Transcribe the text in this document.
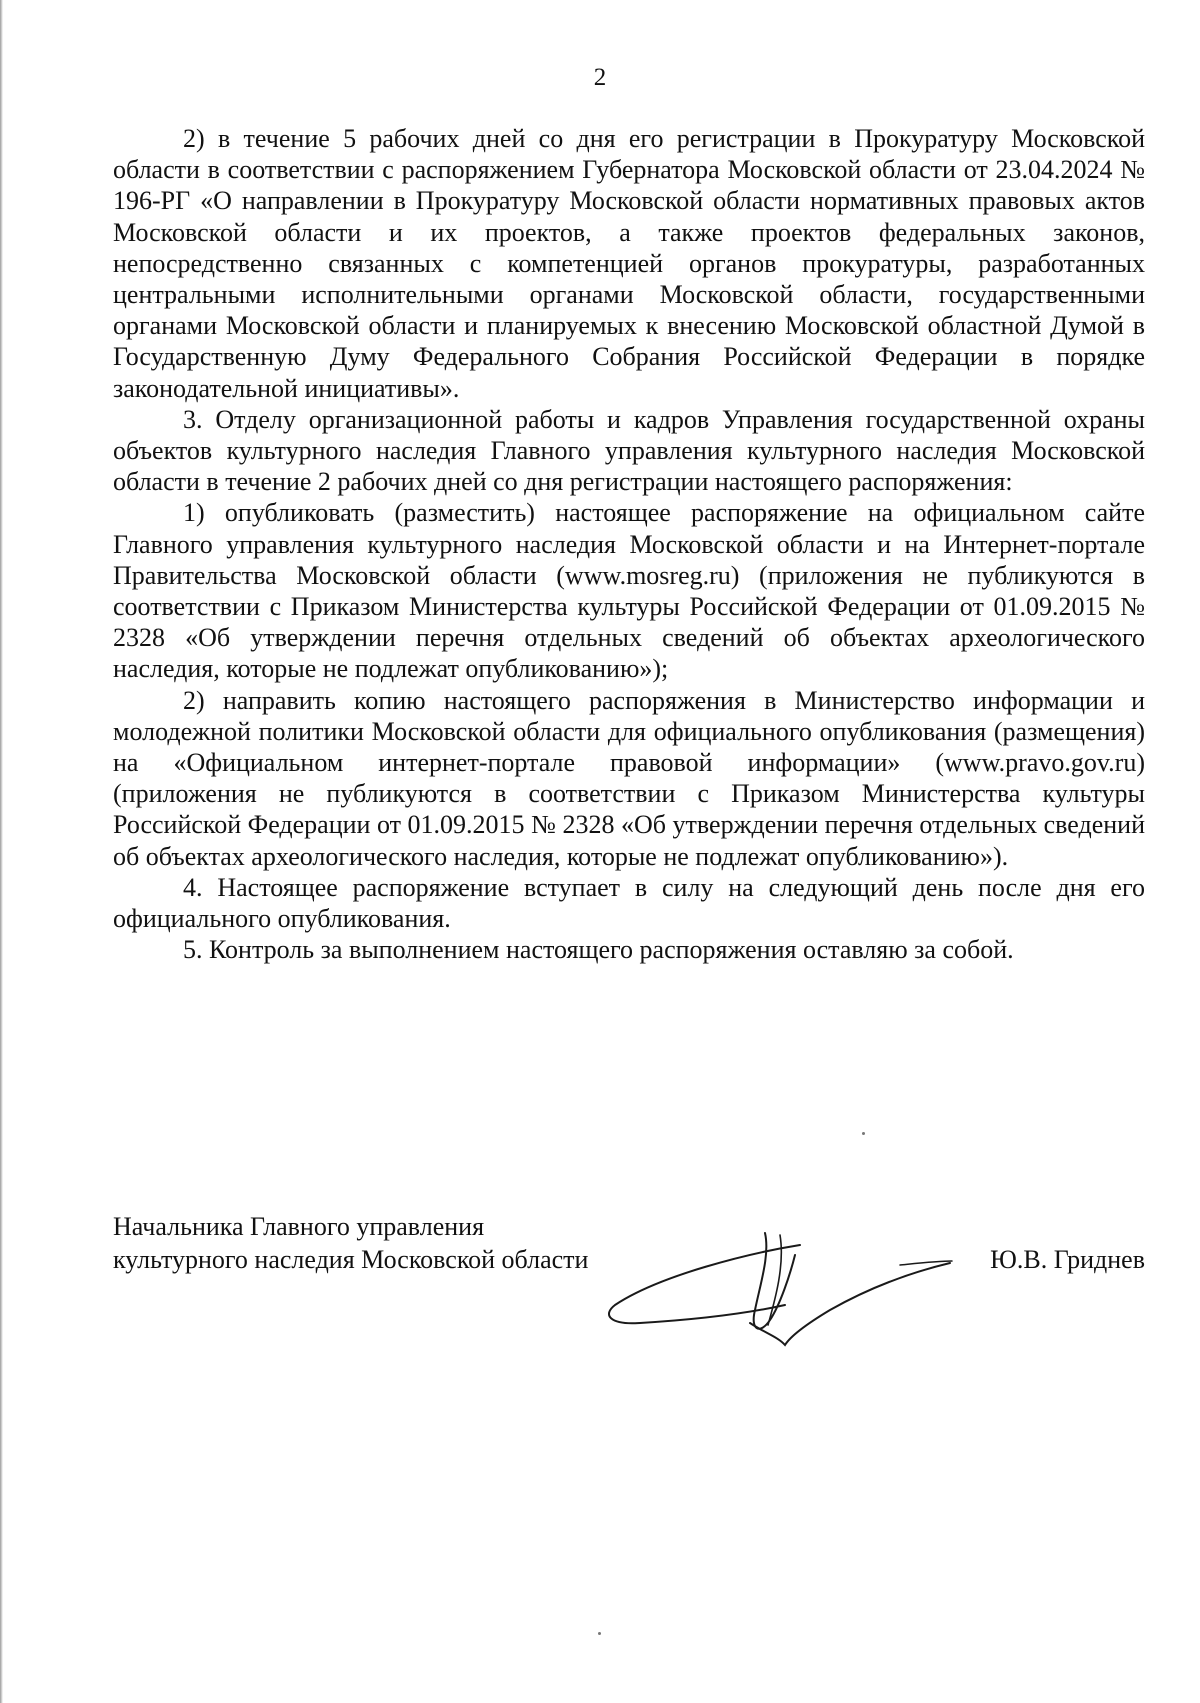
2

2) в течение 5 рабочих дней со дня его регистрации в Прокуратуру Московской области в соответствии с распоряжением Губернатора Московской области от 23.04.2024 № 196-РГ «О направлении в Прокуратуру Московской области нормативных правовых актов Московской области и их проектов, а также проектов федеральных законов, непосредственно связанных с компетенцией органов прокуратуры, разработанных центральными исполнительными органами Московской области, государственными органами Московской области и планируемых к внесению Московской областной Думой в Государственную Думу Федерального Собрания Российской Федерации в порядке законодательной инициативы».

3. Отделу организационной работы и кадров Управления государственной охраны объектов культурного наследия Главного управления культурного наследия Московской области в течение 2 рабочих дней со дня регистрации настоящего распоряжения:

1) опубликовать (разместить) настоящее распоряжение на официальном сайте Главного управления культурного наследия Московской области и на Интернет-портале Правительства Московской области (www.mosreg.ru) (приложения не публикуются в соответствии с Приказом Министерства культуры Российской Федерации от 01.09.2015 № 2328 «Об утверждении перечня отдельных сведений об объектах археологического наследия, которые не подлежат опубликованию»);

2) направить копию настоящего распоряжения в Министерство информации и молодежной политики Московской области для официального опубликования (размещения) на «Официальном интернет-портале правовой информации» (www.pravo.gov.ru) (приложения не публикуются в соответствии с Приказом Министерства культуры Российской Федерации от 01.09.2015 № 2328 «Об утверждении перечня отдельных сведений об объектах археологического наследия, которые не подлежат опубликованию»).

4. Настоящее распоряжение вступает в силу на следующий день после дня его официального опубликования.

5. Контроль за выполнением настоящего распоряжения оставляю за собой.

Начальника Главного управления
культурного наследия Московской области	Ю.В. Гриднев
